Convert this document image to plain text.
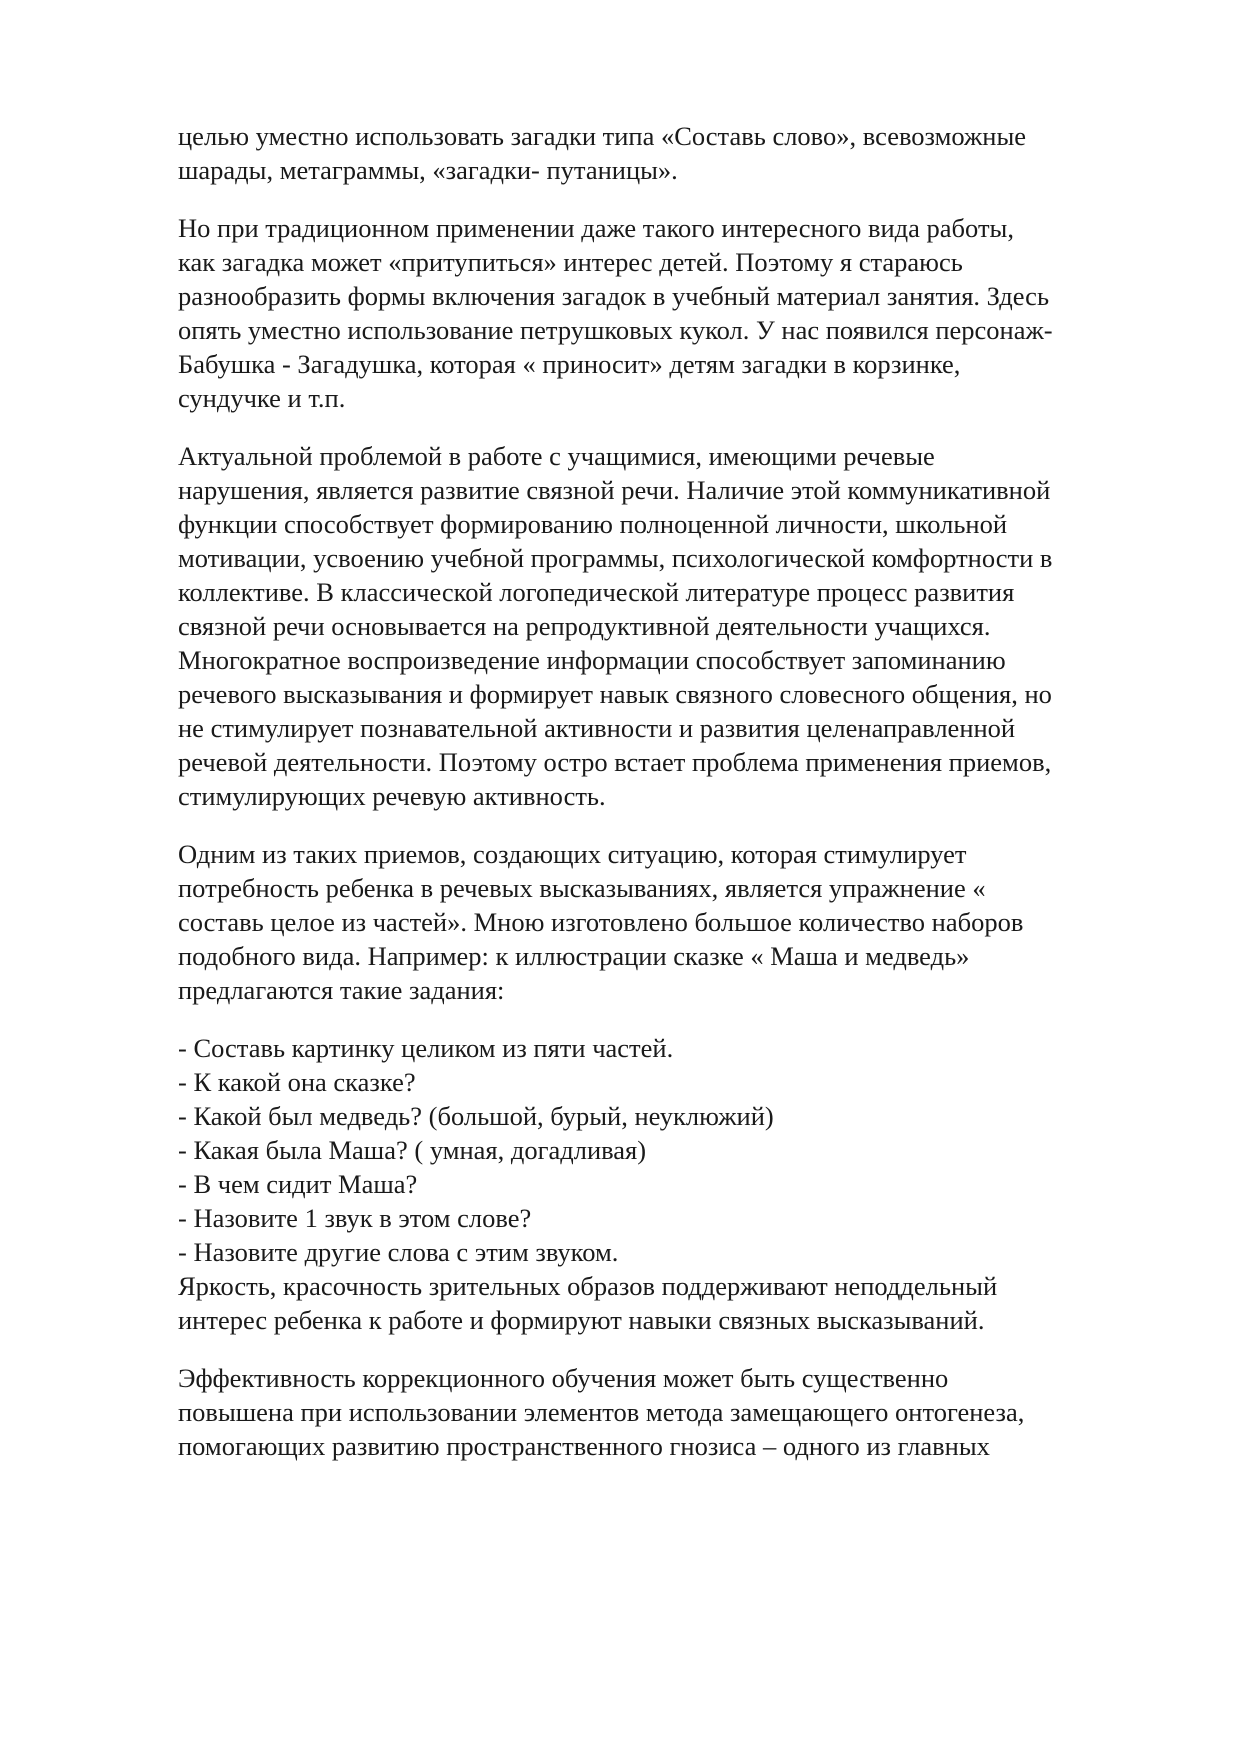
целью уместно использовать загадки типа «Составь слово», всевозможные
шарады, метаграммы, «загадки- путаницы».

Но при традиционном применении даже такого интересного вида работы,
как загадка может «притупиться» интерес детей. Поэтому я стараюсь
разнообразить формы включения загадок в учебный материал занятия. Здесь
опять уместно использование петрушковых кукол. У нас появился персонаж-
Бабушка - Загадушка, которая « приносит» детям загадки в корзинке,
сундучке и т.п.

Актуальной проблемой в работе с учащимися, имеющими речевые
нарушения, является развитие связной речи. Наличие этой коммуникативной
функции способствует формированию полноценной личности, школьной
мотивации, усвоению учебной программы, психологической комфортности в
коллективе. В классической логопедической литературе процесс развития
связной речи основывается на репродуктивной деятельности учащихся.
Многократное воспроизведение информации способствует запоминанию
речевого высказывания и формирует навык связного словесного общения, но
не стимулирует познавательной активности и развития целенаправленной
речевой деятельности. Поэтому остро встает проблема применения приемов,
стимулирующих речевую активность.

Одним из таких приемов, создающих ситуацию, которая стимулирует
потребность ребенка в речевых высказываниях, является упражнение «
составь целое из частей». Мною изготовлено большое количество наборов
подобного вида. Например: к иллюстрации сказке « Маша и медведь»
предлагаются такие задания:

- Составь картинку целиком из пяти частей.

- К какой она сказке?

- Какой был медведь? (большой, бурый, неуклюжий)

- Какая была Маша? ( умная, догадливая)

- В чем сидит Маша?

- Назовите 1 звук в этом слове?

- Назовите другие слова с этим звуком.

Яркость, красочность зрительных образов поддерживают неподдельный
интерес ребенка к работе и формируют навыки связных высказываний.

Эффективность коррекционного обучения может быть существенно
повышена при использовании элементов метода замещающего онтогенеза,
помогающих развитию пространственного гнозиса – одного из главных
